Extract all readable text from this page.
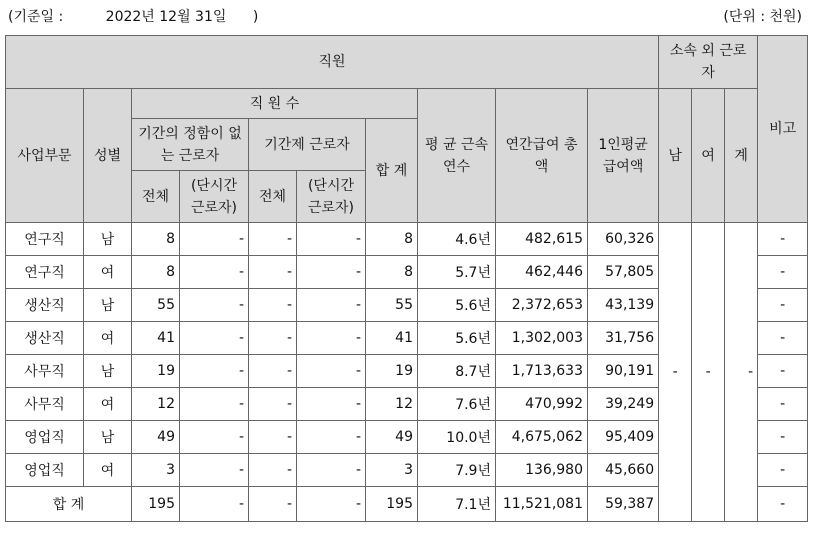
(기준일 :	2022년 12월 31일 )	(단위 : 천원)
직원										소속 외 근로자			비고
사업부문	성별	직 원 수					평 균 근속연수	연간급여 총 액	1인평균 급여액	남	여	계	
		기간의 정함이 없는 근로자		기간제 근로자		합 계							
		전체	(단시간 근로자)	전체	(단시간 근로자)								
연구직	남	8	-	-	-	8	4.6년	482,615	60,326	-	-	-	-
연구직	여	8	-	-	-	8	5.7년	462,446	57,805				-
생산직	남	55	-	-	-	55	5.6년	2,372,653	43,139				-
생산직	여	41	-	-	-	41	5.6년	1,302,003	31,756				-
사무직	남	19	-	-	-	19	8.7년	1,713,633	90,191				-
사무직	여	12	-	-	-	12	7.6년	470,992	39,249				-
영업직	남	49	-	-	-	49	10.0년	4,675,062	95,409				-
영업직	여	3	-	-	-	3	7.9년	136,980	45,660				-
합 계		195	-	-	-	195	7.1년	11,521,081	59,387				-
